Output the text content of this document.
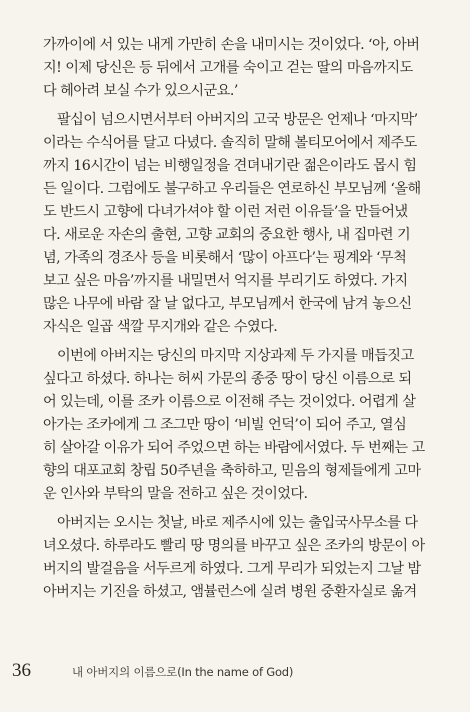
가까이에 서 있는 내게 가만히 손을 내미시는 것이었다. ‘아, 아버

지! 이제 당신은 등 뒤에서 고개를 숙이고 걷는 딸의 마음까지도

다 헤아려 보실 수가 있으시군요.’

팔십이 넘으시면서부터 아버지의 고국 방문은 언제나 ‘마지막’

이라는 수식어를 달고 다녔다. 솔직히 말해 볼티모어에서 제주도

까지 16시간이 넘는 비행일정을 견뎌내기란 젊은이라도 몹시 힘

든 일이다. 그럼에도 불구하고 우리들은 연로하신 부모님께 ‘올해

도 반드시 고향에 다녀가셔야 할 이런 저런 이유들’을 만들어냈

다. 새로운 자손의 출현, 고향 교회의 중요한 행사, 내 집마련 기

념, 가족의 경조사 등을 비롯해서 ‘많이 아프다’는 핑계와 ‘무척

보고 싶은 마음’까지를 내밀면서 억지를 부리기도 하였다. 가지

많은 나무에 바람 잘 날 없다고, 부모님께서 한국에 남겨 놓으신

자식은 일곱 색깔 무지개와 같은 수였다.

이번에 아버지는 당신의 마지막 지상과제 두 가지를 매듭짓고

싶다고 하셨다. 하나는 허씨 가문의 종중 땅이 당신 이름으로 되

어 있는데, 이를 조카 이름으로 이전해 주는 것이었다. 어렵게 살

아가는 조카에게 그 조그만 땅이 ‘비빌 언덕’이 되어 주고, 열심

히 살아갈 이유가 되어 주었으면 하는 바람에서였다. 두 번째는 고

향의 대포교회 창립 50주년을 축하하고, 믿음의 형제들에게 고마

운 인사와 부탁의 말을 전하고 싶은 것이었다.

아버지는 오시는 첫날, 바로 제주시에 있는 출입국사무소를 다

녀오셨다. 하루라도 빨리 땅 명의를 바꾸고 싶은 조카의 방문이 아

버지의 발걸음을 서두르게 하였다. 그게 무리가 되었는지 그날 밤

아버지는 기진을 하셨고, 앰뷸런스에 실려 병원 중환자실로 옮겨

36	내 아버지의 이름으로(In the name of God)
